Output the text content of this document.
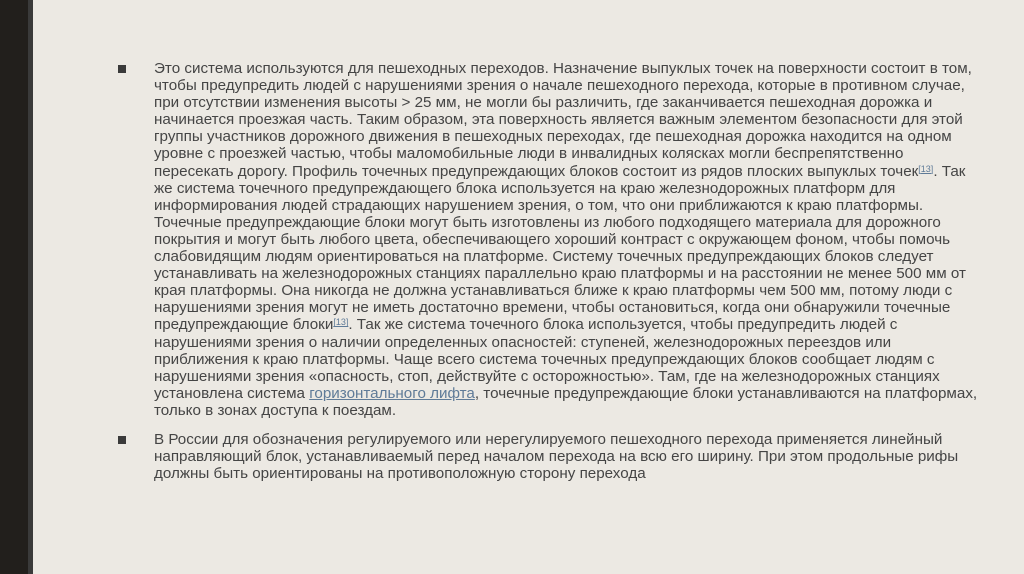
Это система используются для пешеходных переходов. Назначение выпуклых точек на поверхности состоит в том, чтобы предупредить людей с нарушениями зрения о начале пешеходного перехода, которые в противном случае, при отсутствии изменения высоты > 25 мм, не могли бы различить, где заканчивается пешеходная дорожка и начинается проезжая часть. Таким образом, эта поверхность является важным элементом безопасности для этой группы участников дорожного движения в пешеходных переходах, где пешеходная дорожка находится на одном уровне с проезжей частью, чтобы маломобильные люди в инвалидных колясках могли беспрепятственно пересекать дорогу. Профиль точечных предупреждающих блоков состоит из рядов плоских выпуклых точек[13]. Так же система точечного предупреждающего блока используется на краю железнодорожных платформ для информирования людей страдающих нарушением зрения, о том, что они приближаются к краю платформы. Точечные предупреждающие блоки могут быть изготовлены из любого подходящего материала для дорожного покрытия и могут быть любого цвета, обеспечивающего хороший контраст с окружающем фоном, чтобы помочь слабовидящим людям ориентироваться на платформе. Систему точечных предупреждающих блоков следует устанавливать на железнодорожных станциях параллельно краю платформы и на расстоянии не менее 500 мм от края платформы. Она никогда не должна устанавливаться ближе к краю платформы чем 500 мм, потому люди с нарушениями зрения могут не иметь достаточно времени, чтобы остановиться, когда они обнаружили точечные предупреждающие блоки[13]. Так же система точечного блока используется, чтобы предупредить людей с нарушениями зрения о наличии определенных опасностей: ступеней, железнодорожных переездов или приближения к краю платформы. Чаще всего система точечных предупреждающих блоков сообщает людям с нарушениями зрения «опасность, стоп, действуйте с осторожностью». Там, где на железнодорожных станциях установлена система горизонтального лифта, точечные предупреждающие блоки устанавливаются на платформах, только в зонах доступа к поездам.
В России для обозначения регулируемого или нерегулируемого пешеходного перехода применяется линейный направляющий блок, устанавливаемый перед началом перехода на всю его ширину. При этом продольные рифы должны быть ориентированы на противоположную сторону перехода
